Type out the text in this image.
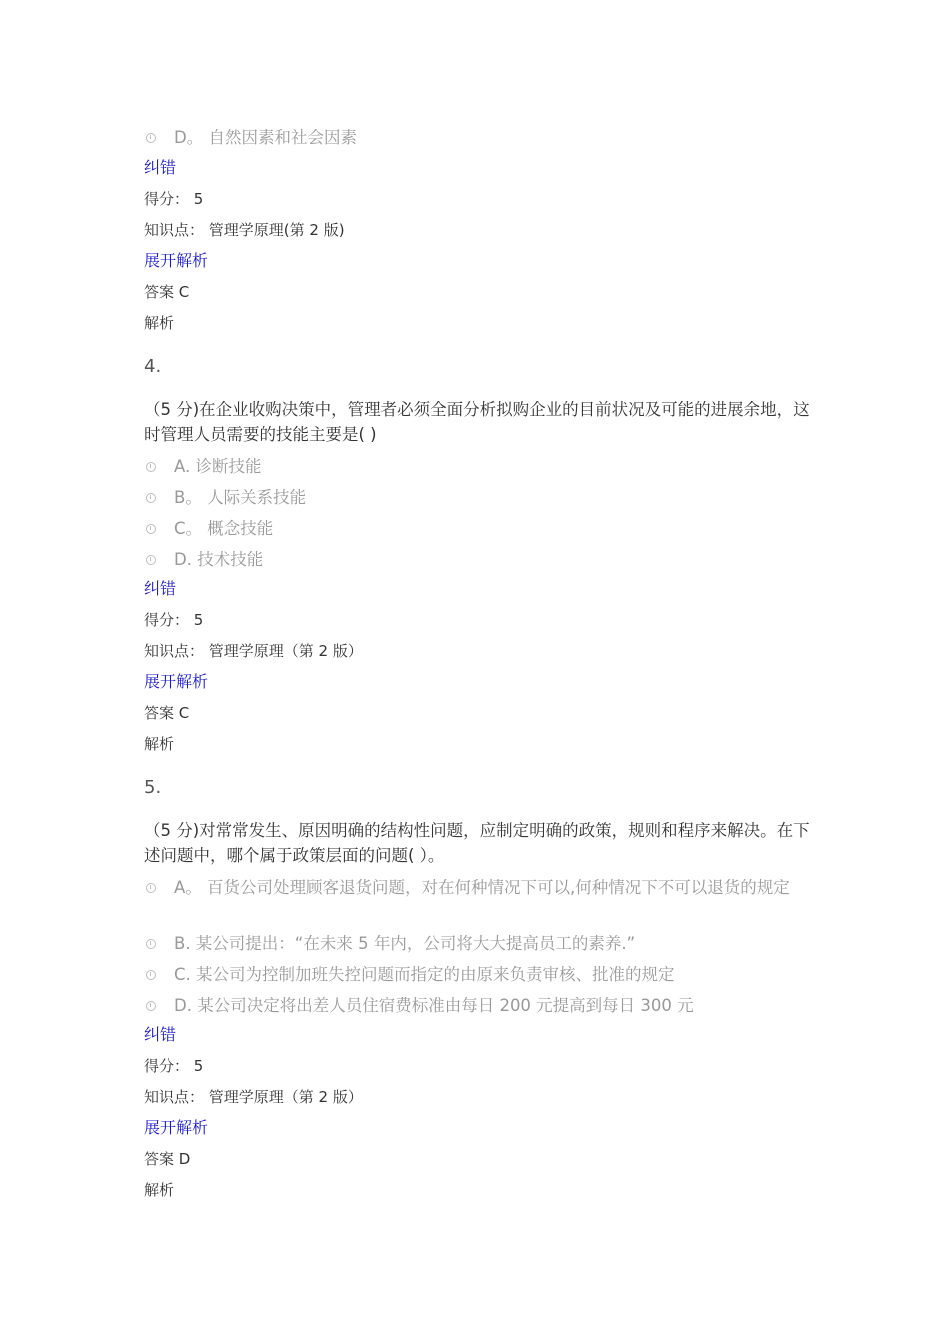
D。 自然因素和社会因素
纠错
得分： 5
知识点： 管理学原理(第 2 版)
展开解析
答案 C
解析
4.
（5 分)在企业收购决策中，管理者必须全面分析拟购企业的目前状况及可能的进展余地，这时管理人员需要的技能主要是( )
A. 诊断技能
B。 人际关系技能
C。 概念技能
D. 技术技能
纠错
得分： 5
知识点： 管理学原理（第 2 版）
展开解析
答案 C
解析
5.
（5 分)对常常发生、原因明确的结构性问题，应制定明确的政策，规则和程序来解决。在下述问题中，哪个属于政策层面的问题( ）。
A。 百货公司处理顾客退货问题，对在何种情况下可以,何种情况下不可以退货的规定
B. 某公司提出：“在未来 5 年内，公司将大大提高员工的素养.”
C. 某公司为控制加班失控问题而指定的由原来负责审核、批准的规定
D. 某公司决定将出差人员住宿费标准由每日 200 元提高到每日 300 元
纠错
得分： 5
知识点： 管理学原理（第 2 版）
展开解析
答案 D
解析
